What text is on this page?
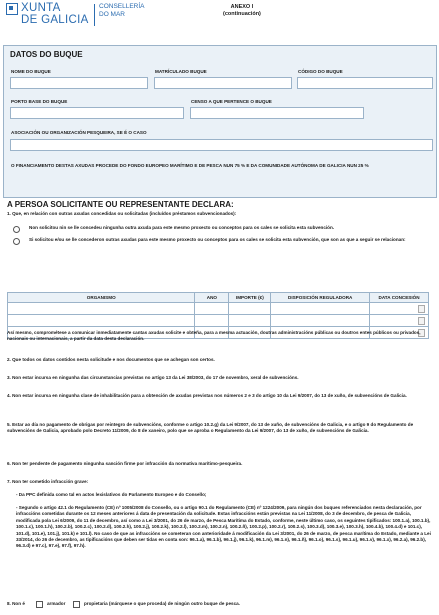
XUNTA
DE GALICIA
CONSELLERÍA
DO MAR
ANEXO I
(continuación)
DATOS DO BUQUE
NOME DO BUQUE	MATRÍCULADO BUQUE	CÓDIGO DO BUQUE
PORTO BASE DO BUQUE	CENSO A QUE PERTENCE O BUQUE
ASOCIACIÓN OU ORGANIZACIÓN PESQUEIRA, SE É O CASO
O FINANCIAMENTO DESTAS AXUDAS PROCEDE DO FONDO EUROPEO MARÍTIMO E DE PESCA NUN 75 % E DA COMUNIDADE AUTÓNOMA DE GALICIA NUN 25 %
A PERSOA SOLICITANTE OU REPRESENTANTE DECLARA:
1. Que, en relación con outras axudas concedidas ou solicitadas (incluídos préstamos subvencionados):
Non solicitou nin se lle concedeu ningunha outra axuda para este mesmo proxecto ou conceptos para os cales se solicita esta subvención.
Si solicitou e/ou se lle concederon outras axudas para este mesmo proxecto ou conceptos para os cales se solicita esta subvención, que son as que a seguir se relacionan:
ORGANISMO	ANO	IMPORTE (€)	DISPOSICIÓN REGULADORA	DATA CONCESIÓN

Así mesmo, comprométese a comunicar inmediatamente cantas axudas solicite e obteña, para a mesma actuación, doutras administracións públicas ou doutros entes públicos ou privados, nacionais ou internacionais, a partir da data desta declaración.
2. Que todos os datos contidos nesta solicitude e nos documentos que se achegan son certos.
3. Non estar incursa en ningunha das circunstancias previstas no artigo 13 da Lei 38/2003, do 17 de novembro, xeral de subvencións.
4. Non estar incursa en ningunha clase de inhabilitación para a obtención de axudas previstas nos números 2 e 3 do artigo 10 da Lei 9/2007, do 13 de xuño, de subvencións de Galicia.
5. Estar ao día no pagamento de obrigas por reintegro de subvencións, conforme o artigo 10.2.g) da Lei 9/2007, do 13 de xuño, de subvencións de Galicia, e o artigo 9 do Regulamento de subvencións de Galicia, aprobado polo Decreto 11/2009, do 8 de xaneiro, polo que se aproba o Regulamento da Lei 9/2007, do 13 de xuño, de subvencións de Galicia.
6. Non ter pendente de pagamento ningunha sanción firme por infracción da normativa marítimo-pesqueira.
7. Non ter cometido infracción grave:
- Da PPC definida como tal en actos lexislativos do Parlamento Europeo e do Consello;
- Segundo o artigo 42.1 do Regulamento (CE) nº 1005/2008 do Consello, ou o artigo 90.1 do Regulamento (CE) nº 1224/2009, para ningún dos buques referenciados nesta declaración, por infraccións cometidas durante os 12 meses anteriores á data de presentación da solicitude. Estas infraccións están previstas na Lei 11/2008, do 3 de decembro, de pesca de Galicia, modificada pola Lei 6/2009, do 11 de decembro, así como a Lei 3/2001, do 26 de marzo, de Pesca Marítima do Estado, conforme, neste último caso, os seguintes tipificados: 100.1.a), 100.1.b), 100.1.c), 100.1.h), 100.2.b), 100.2.c), 100.2.d), 100.2.h), 100.2.j), 100.2.k), 100.2.l), 100.2.m), 100.2.n), 100.2.ñ), 100.2.p), 100.2.r), 100.2.s), 100.3.d), 100.3.e), 100.3.h), 100.4.b), 100.4.d) e 101.c), 101.d), 101.e), 101.j), 101.k) e 101.l). No caso de que as infraccións se cometeran con anterioridade á modificación da Lei 3/2001, do 26 de marzo, de pesca marítima do Estado, mediante a Lei 33/2014, do 26 de decembro, as tipificacións que deben ser tidas en conta son: 96.1.a), 96.1.b), 96.1.j), 96.1.k), 96.1.m), 96.1.n), 96.1.ñ), 96.1.o), 96.1.s), 96.1.u), 96.1.v), 96.1.x), 96.2.a), 96.2.b), 96.3.d) e 97.c), 97.e), 97.f), 97.h).
8. Non é	armador	propietaria (márquese o que proceda) de ningún outro buque de pesca.
